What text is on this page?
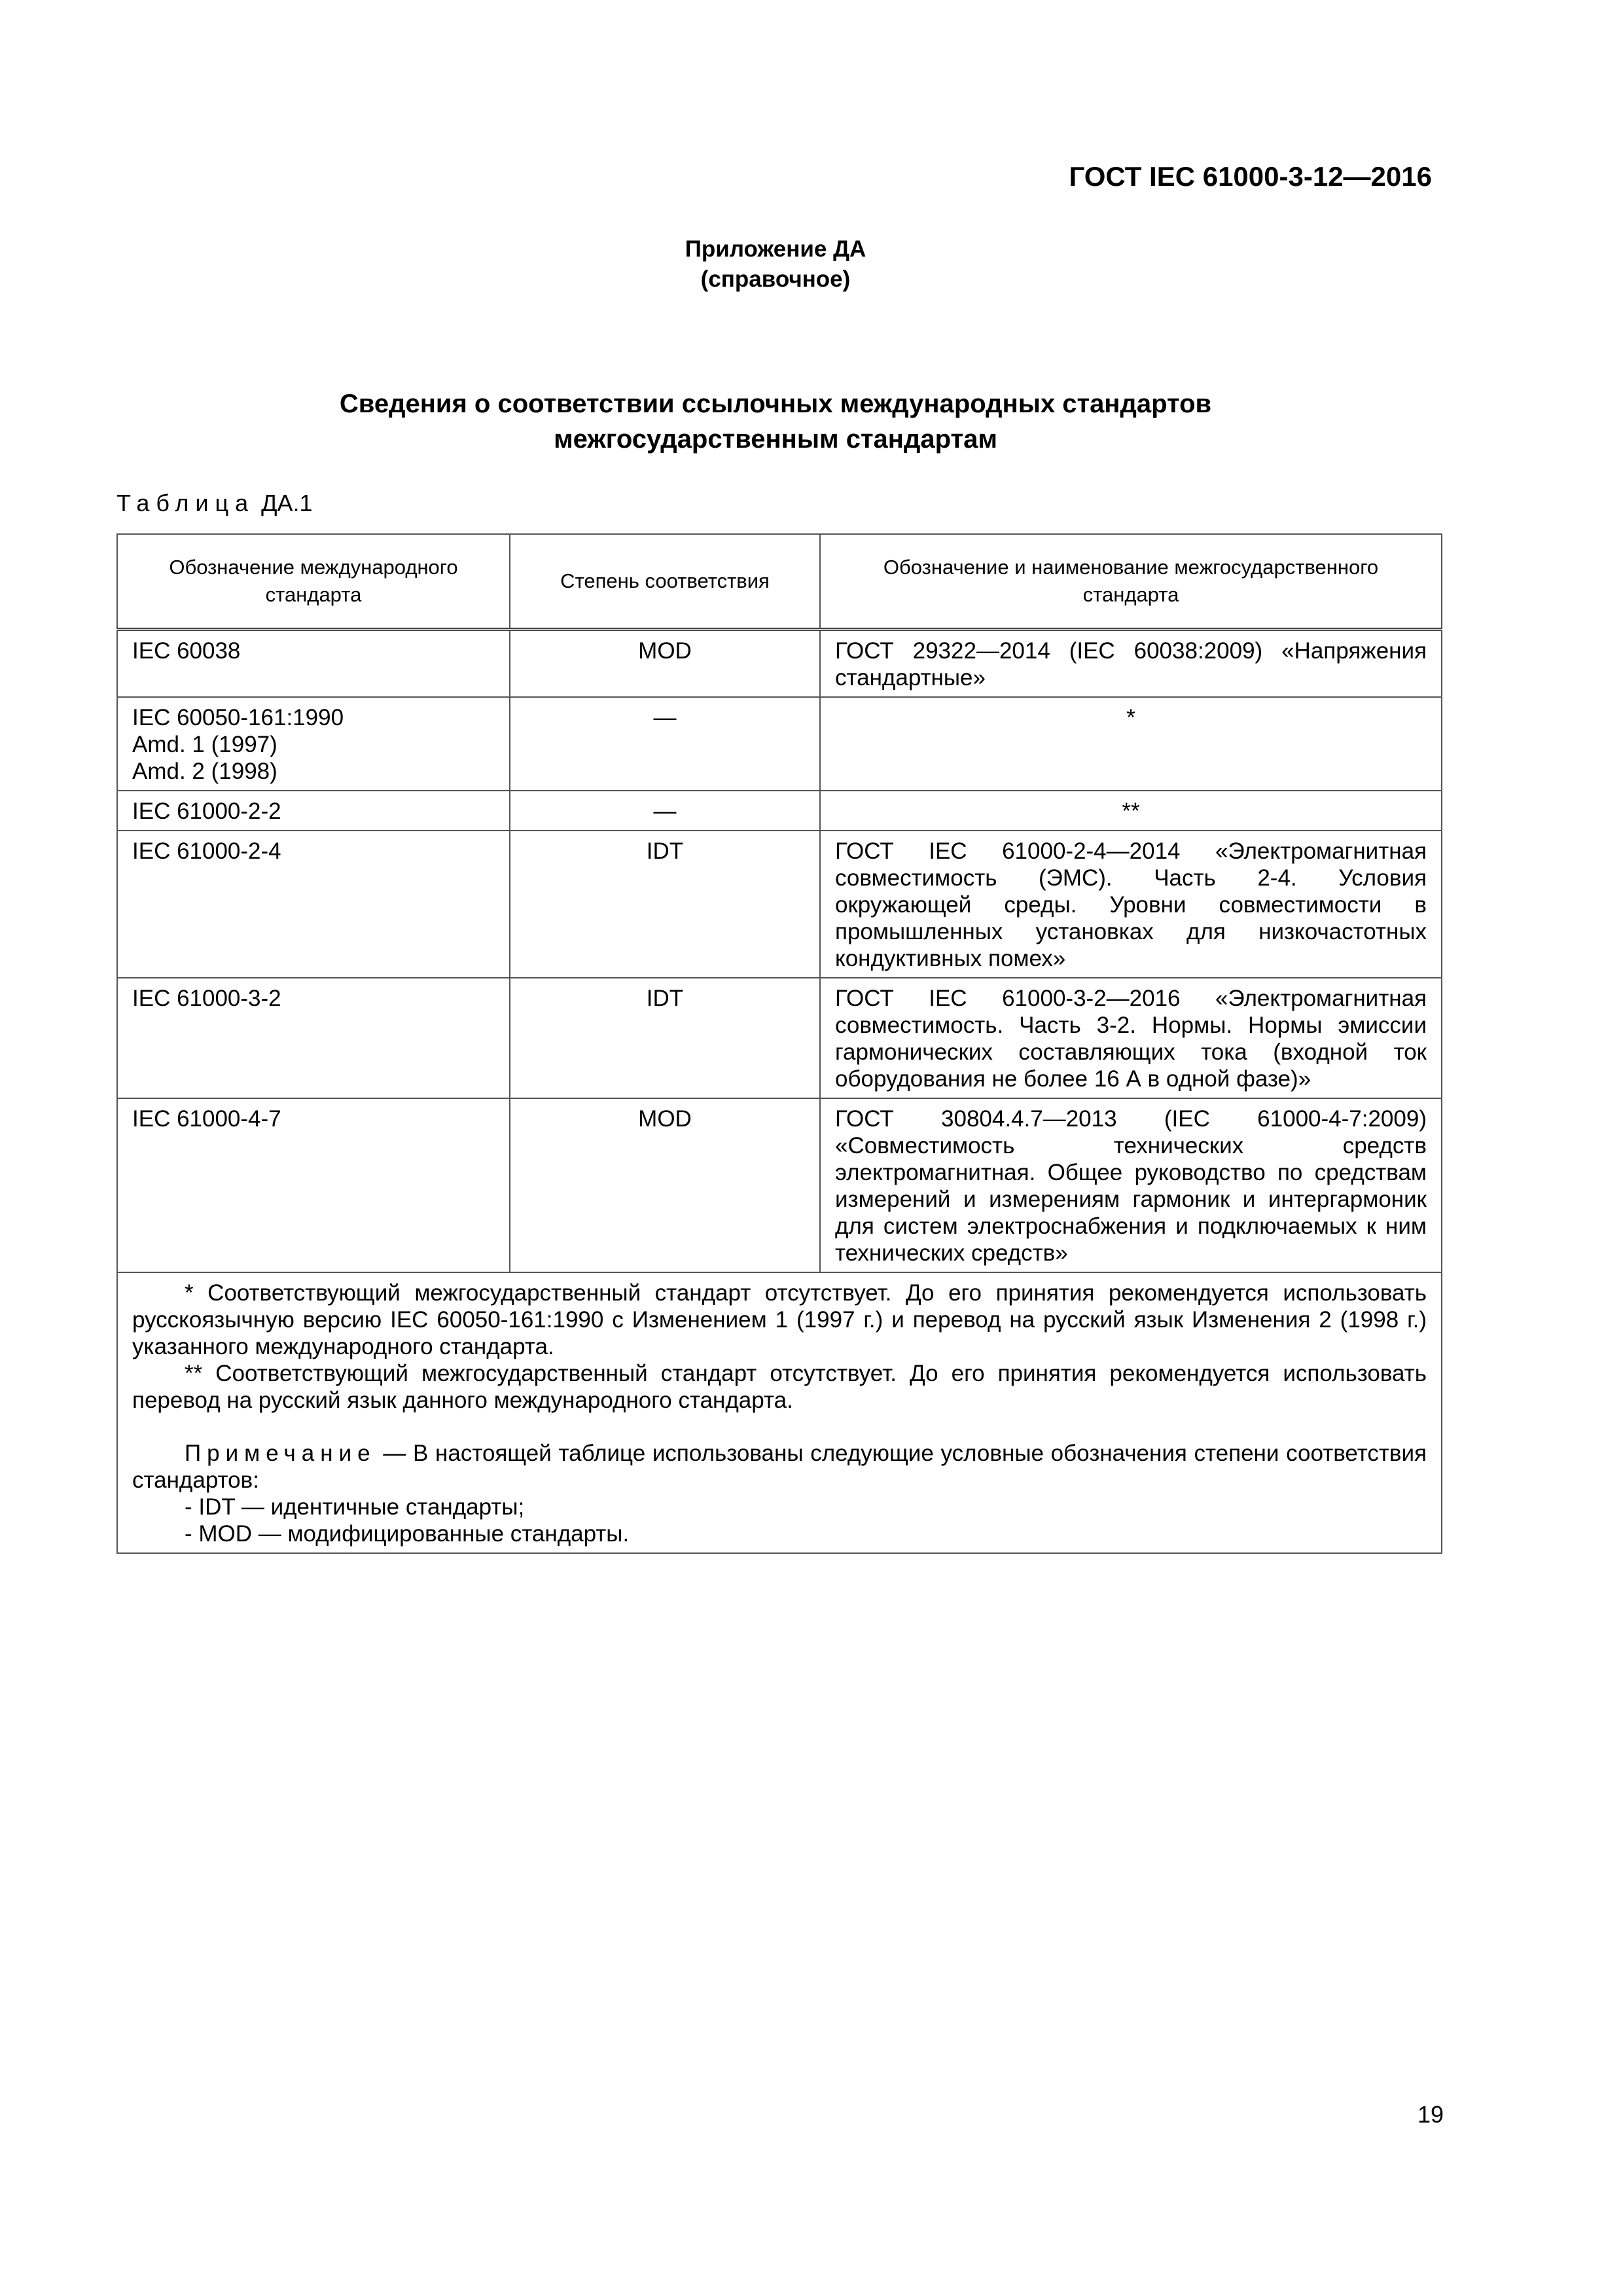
ГОСТ IEC 61000-3-12—2016
Приложение ДА
(справочное)
Сведения о соответствии ссылочных международных стандартов
межгосударственным стандартам
Таблица ДА.1
Обозначение международного стандарта	Степень соответствия	Обозначение и наименование межгосударственного стандарта

IEC 60038	MOD	ГОСТ 29322—2014 (IEC 60038:2009) «Напряжения стандартные»

IEC 60050-161:1990
Amd. 1 (1997)
Amd. 2 (1998)	—	*

IEC 61000-2-2	—	**

IEC 61000-2-4	IDT	ГОСТ IEC 61000-2-4—2014 «Электромагнитная совместимость (ЭМС). Часть 2-4. Условия окружающей среды. Уровни совместимости в промышленных установках для низкочастотных кондуктивных помех»

IEC 61000-3-2	IDT	ГОСТ IEC 61000-3-2—2016 «Электромагнитная совместимость. Часть 3-2. Нормы. Нормы эмиссии гармонических составляющих тока (входной ток оборудования не более 16 А в одной фазе)»

IEC 61000-4-7	MOD	ГОСТ 30804.4.7—2013 (IEC 61000-4-7:2009) «Совместимость технических средств электромагнитная. Общее руководство по средствам измерений и измерениям гармоник и интергармоник для систем электроснабжения и подключаемых к ним технических средств»

* Соответствующий межгосударственный стандарт отсутствует. До его принятия рекомендуется использовать русскоязычную версию IEC 60050-161:1990 с Изменением 1 (1997 г.) и перевод на русский язык Изменения 2 (1998 г.) указанного международного стандарта.

** Соответствующий межгосударственный стандарт отсутствует. До его принятия рекомендуется использовать перевод на русский язык данного международного стандарта.

Примечание — В настоящей таблице использованы следующие условные обозначения степени соответствия стандартов:

- IDT — идентичные стандарты;

- MOD — модифицированные стандарты.		

19
